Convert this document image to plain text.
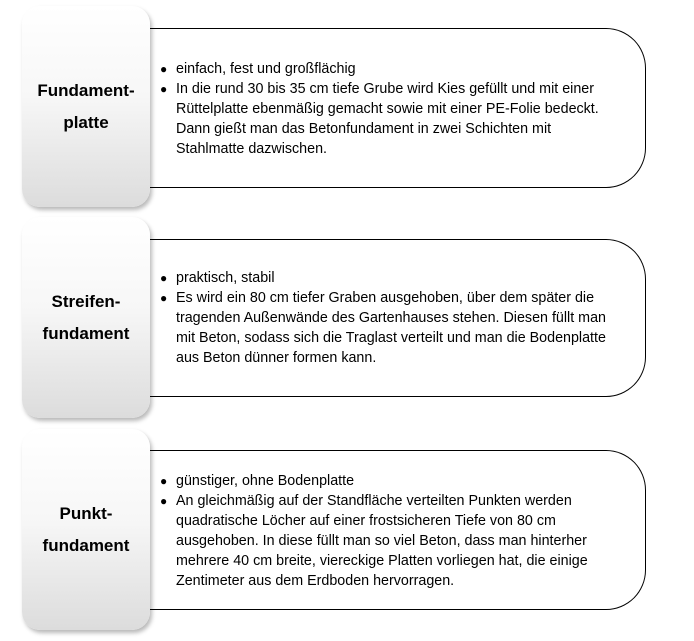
Fundament-
platte
● einfach, fest und großflächig
● In die rund 30 bis 35 cm tiefe Grube wird Kies gefüllt und mit einer Rüttelplatte ebenmäßig gemacht sowie mit einer PE-Folie bedeckt. Dann gießt man das Betonfundament in zwei Schichten mit Stahlmatte dazwischen.
Streifen-
fundament
● praktisch, stabil
● Es wird ein 80 cm tiefer Graben ausgehoben, über dem später die tragenden Außenwände des Gartenhauses stehen. Diesen füllt man mit Beton, sodass sich die Traglast verteilt und man die Bodenplatte aus Beton dünner formen kann.
Punkt-
fundament
● günstiger, ohne Bodenplatte
● An gleichmäßig auf der Standfläche verteilten Punkten werden quadratische Löcher auf einer frostsicheren Tiefe von 80 cm ausgehoben. In diese füllt man so viel Beton, dass man hinterher mehrere 40 cm breite, viereckige Platten vorliegen hat, die einige Zentimeter aus dem Erdboden hervorragen.
